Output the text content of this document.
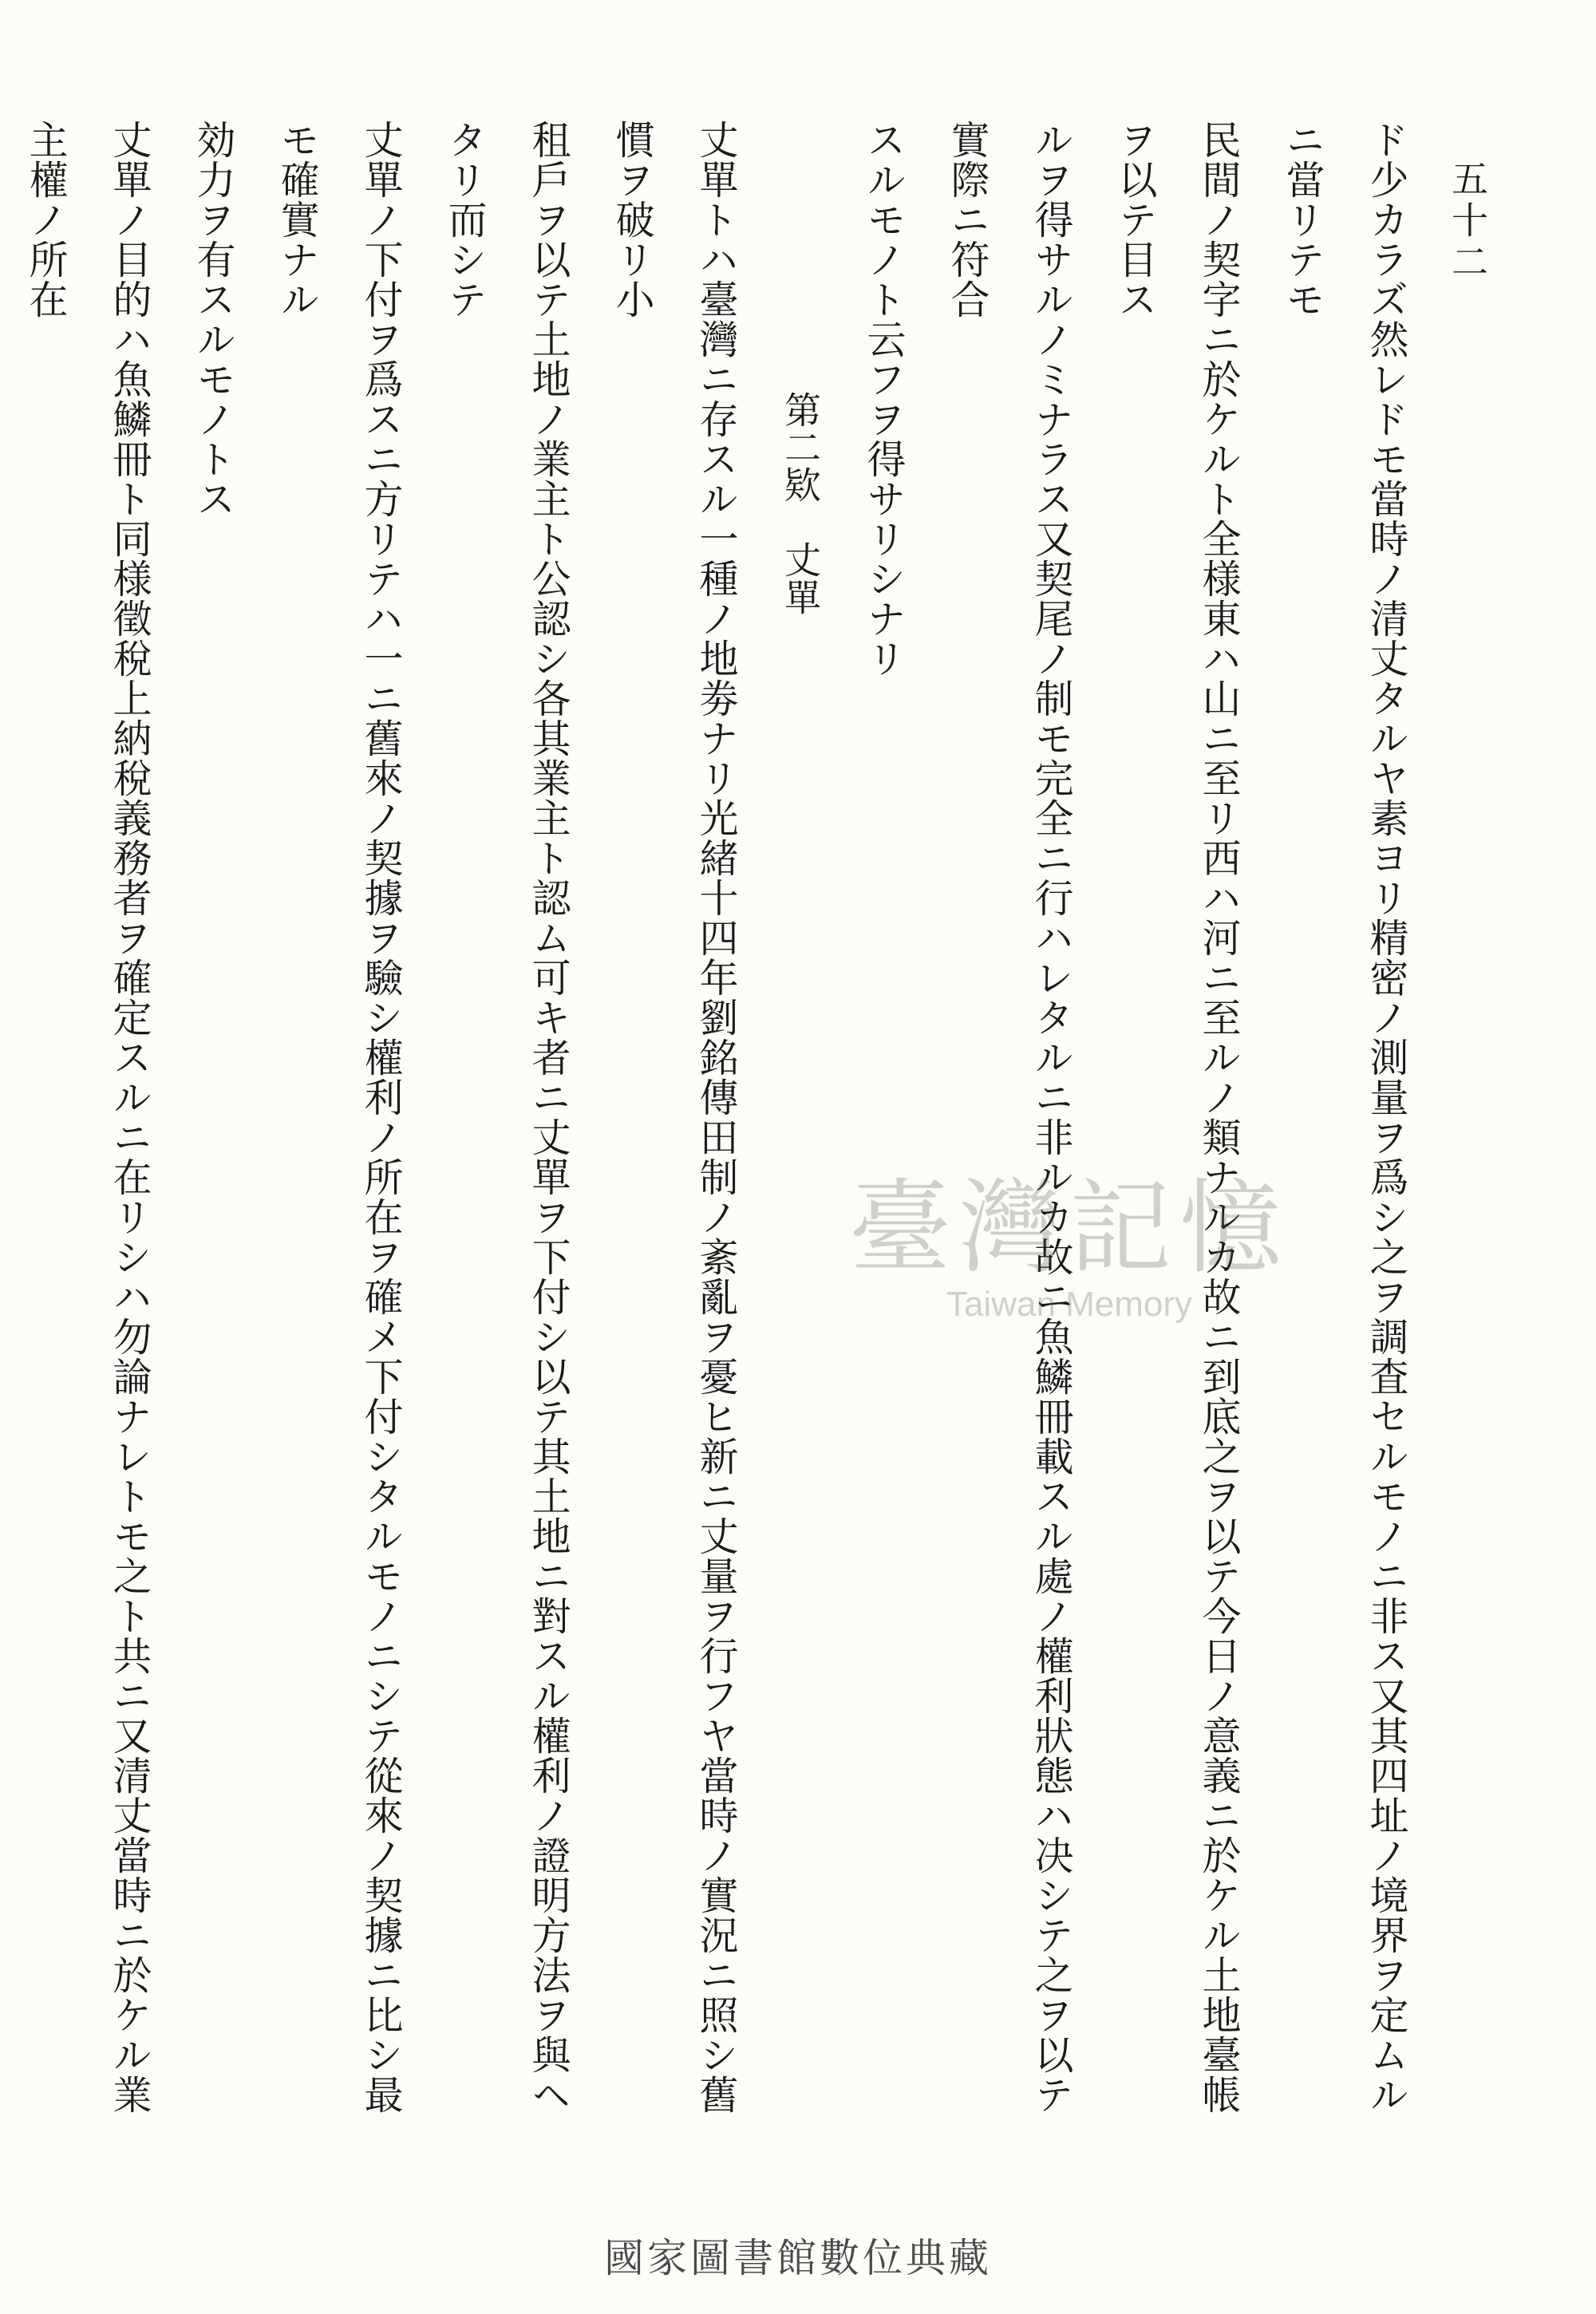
五十二

ド少カラズ然レドモ當時ノ清丈タルヤ素ヨリ精密ノ測量ヲ爲シ之ヲ調査セルモノニ非ス又其四址ノ境界ヲ定ムルニ當リテモ

民間ノ契字ニ於ケルト全様東ハ山ニ至リ西ハ河ニ至ルノ類ナルカ故ニ到底之ヲ以テ今日ノ意義ニ於ケル土地臺帳ヲ以テ目ス

ルヲ得サルノミナラス又契尾ノ制モ完全ニ行ハレタルニ非ルカ故ニ魚鱗冊載スル處ノ權利狀態ハ决シテ之ヲ以テ實際ニ符合

スルモノト云フヲ得サリシナリ

第二欵　丈單

丈單トハ臺灣ニ存スル一種ノ地劵ナリ光緒十四年劉銘傳田制ノ紊亂ヲ憂ヒ新ニ丈量ヲ行フヤ當時ノ實況ニ照シ舊慣ヲ破リ小

租戶ヲ以テ土地ノ業主ト公認シ各其業主ト認ム可キ者ニ丈單ヲ下付シ以テ其土地ニ對スル權利ノ證明方法ヲ與ヘタリ而シテ

丈單ノ下付ヲ爲スニ方リテハ一ニ舊來ノ契據ヲ驗シ權利ノ所在ヲ確メ下付シタルモノニシテ從來ノ契據ニ比シ最モ確實ナル

効力ヲ有スルモノトス

丈單ノ目的ハ魚鱗冊ト同様徵稅上納稅義務者ヲ確定スルニ在リシハ勿論ナレトモ之ト共ニ又清丈當時ニ於ケル業主權ノ所在

臺灣記憶
Taiwan Memory
國家圖書館數位典藏
